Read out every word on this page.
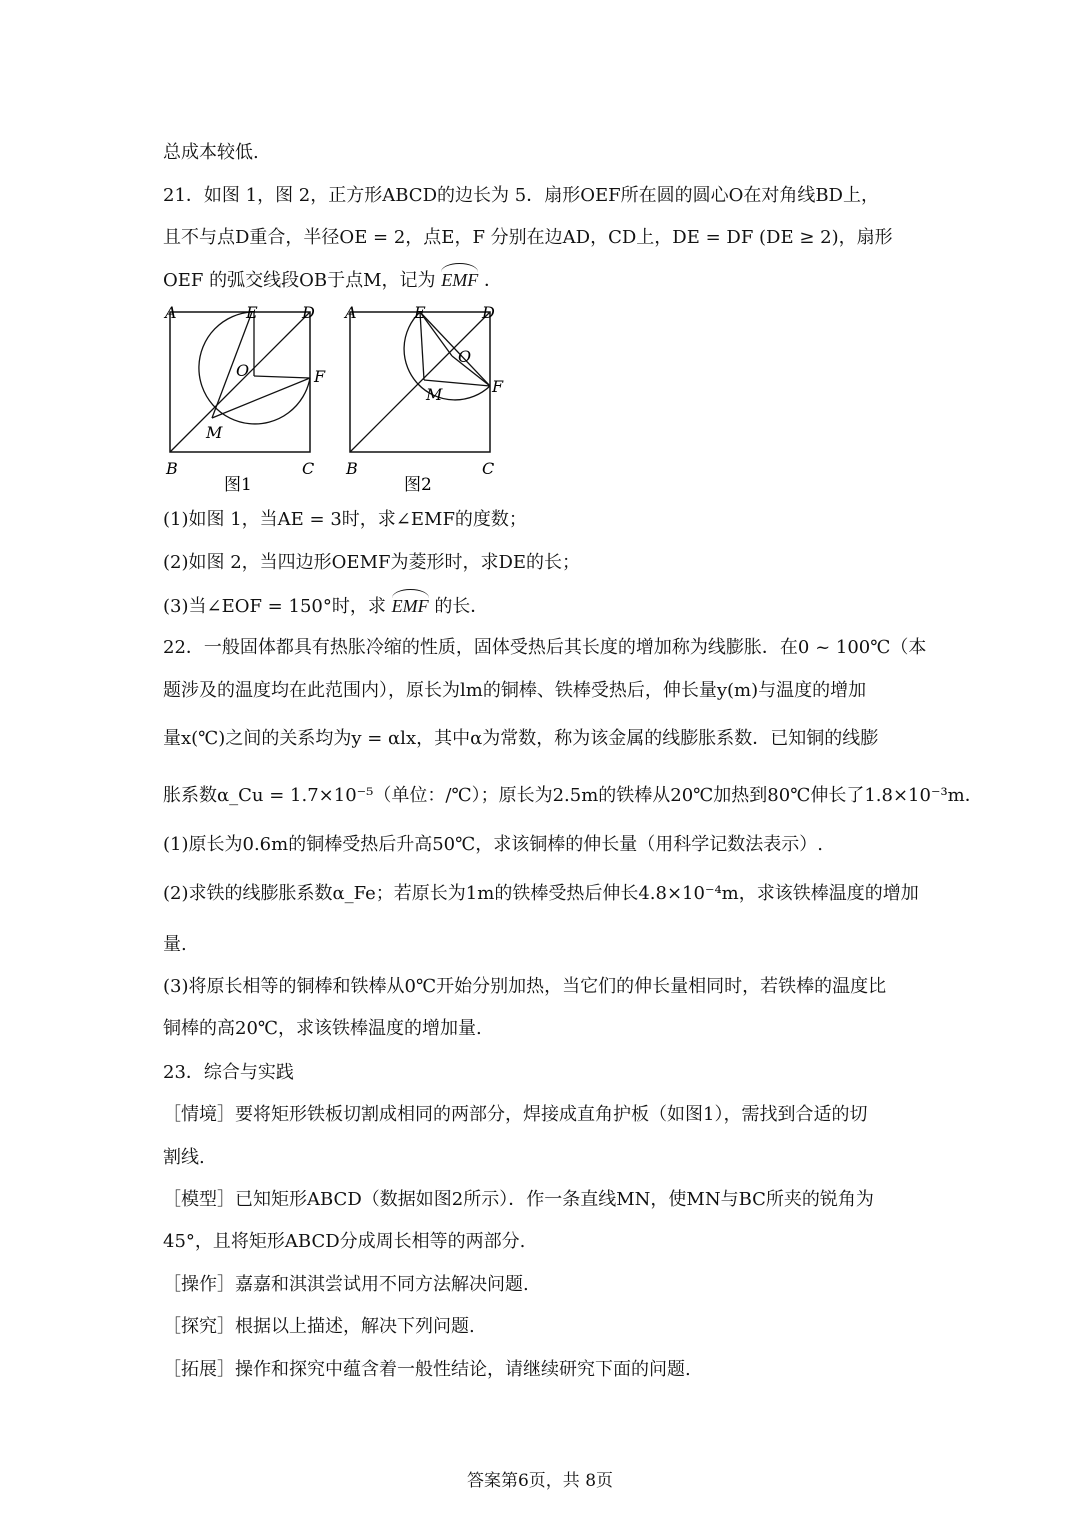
总成本较低.
21．如图 1，图 2，正方形ABCD的边长为 5．扇形OEF所在圆的圆心O在对角线BD上，
且不与点D重合，半径OE = 2，点E，F 分别在边AD，CD上，DE = DF (DE ≥ 2)，扇形
OEF 的弧交线段OB于点M，记为 EMF ．
A	E	D
O	F
M
B	C
图1
A	E	D
O
F
M
B	C
图2
(1)如图 1，当AE = 3时，求∠EMF的度数；
(2)如图 2，当四边形OEMF为菱形时，求DE的长；
(3)当∠EOF = 150°时，求 EMF 的长．
22．一般固体都具有热胀冷缩的性质，固体受热后其长度的增加称为线膨胀．在0 ~ 100℃（本
题涉及的温度均在此范围内），原长为lm的铜棒、铁棒受热后，伸长量y(m)与温度的增加
量x(℃)之间的关系均为y = αlx，其中α为常数，称为该金属的线膨胀系数．已知铜的线膨
胀系数α_Cu = 1.7×10⁻⁵（单位：/℃）；原长为2.5m的铁棒从20℃加热到80℃伸长了1.8×10⁻³m．
(1)原长为0.6m的铜棒受热后升高50℃，求该铜棒的伸长量（用科学记数法表示）.
(2)求铁的线膨胀系数α_Fe；若原长为1m的铁棒受热后伸长4.8×10⁻⁴m，求该铁棒温度的增加
量.
(3)将原长相等的铜棒和铁棒从0℃开始分别加热，当它们的伸长量相同时，若铁棒的温度比
铜棒的高20℃，求该铁棒温度的增加量.
23．综合与实践
［情境］要将矩形铁板切割成相同的两部分，焊接成直角护板（如图1），需找到合适的切
割线.
［模型］已知矩形ABCD（数据如图2所示）．作一条直线MN，使MN与BC所夹的锐角为
45°，且将矩形ABCD分成周长相等的两部分.
［操作］嘉嘉和淇淇尝试用不同方法解决问题.
［探究］根据以上描述，解决下列问题.
［拓展］操作和探究中蕴含着一般性结论，请继续研究下面的问题.
答案第6页，共 8页
